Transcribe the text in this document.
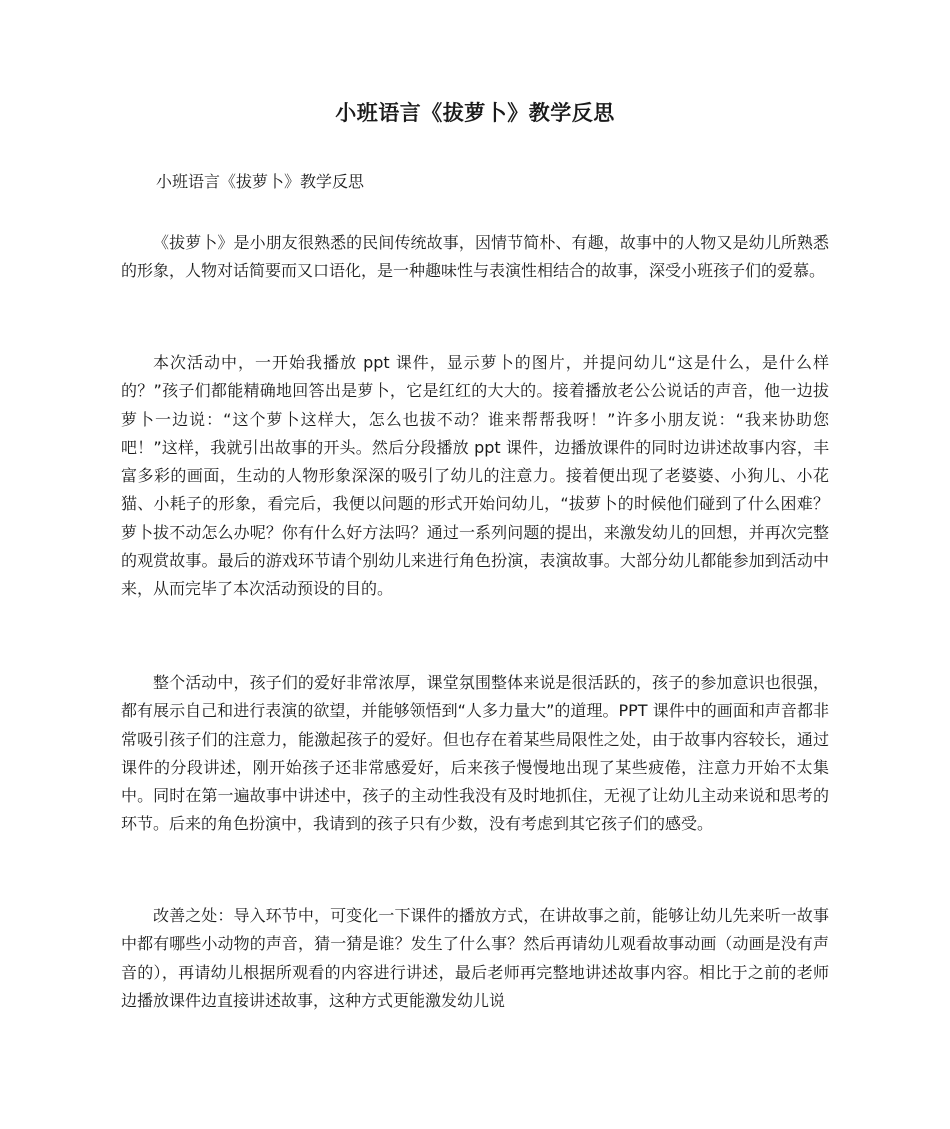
小班语言《拔萝卜》教学反思

小班语言《拔萝卜》教学反思

《拔萝卜》是小朋友很熟悉的民间传统故事，因情节简朴、有趣，故事中的人物又是幼儿所熟悉的形象，人物对话简要而又口语化，是一种趣味性与表演性相结合的故事，深受小班孩子们的爱慕。

本次活动中，一开始我播放 ppt 课件，显示萝卜的图片，并提问幼儿“这是什么，是什么样的？”孩子们都能精确地回答出是萝卜，它是红红的大大的。接着播放老公公说话的声音，他一边拔萝卜一边说：“这个萝卜这样大，怎么也拔不动？谁来帮帮我呀！”许多小朋友说：“我来协助您吧！”这样，我就引出故事的开头。然后分段播放 ppt 课件，边播放课件的同时边讲述故事内容，丰富多彩的画面，生动的人物形象深深的吸引了幼儿的注意力。接着便出现了老婆婆、小狗儿、小花猫、小耗子的形象，看完后，我便以问题的形式开始问幼儿，“拔萝卜的时候他们碰到了什么困难？萝卜拔不动怎么办呢？你有什么好方法吗？通过一系列问题的提出，来激发幼儿的回想，并再次完整的观赏故事。最后的游戏环节请个别幼儿来进行角色扮演，表演故事。大部分幼儿都能参加到活动中来，从而完毕了本次活动预设的目的。

整个活动中，孩子们的爱好非常浓厚，课堂氛围整体来说是很活跃的，孩子的参加意识也很强，都有展示自己和进行表演的欲望，并能够领悟到“人多力量大”的道理。PPT 课件中的画面和声音都非常吸引孩子们的注意力，能激起孩子的爱好。但也存在着某些局限性之处，由于故事内容较长，通过课件的分段讲述，刚开始孩子还非常感爱好，后来孩子慢慢地出现了某些疲倦，注意力开始不太集中。同时在第一遍故事中讲述中，孩子的主动性我没有及时地抓住，无视了让幼儿主动来说和思考的环节。后来的角色扮演中，我请到的孩子只有少数，没有考虑到其它孩子们的感受。

改善之处：导入环节中，可变化一下课件的播放方式，在讲故事之前，能够让幼儿先来听一故事中都有哪些小动物的声音，猜一猜是谁？发生了什么事？然后再请幼儿观看故事动画（动画是没有声音的），再请幼儿根据所观看的内容进行讲述，最后老师再完整地讲述故事内容。相比于之前的老师边播放课件边直接讲述故事，这种方式更能激发幼儿说
